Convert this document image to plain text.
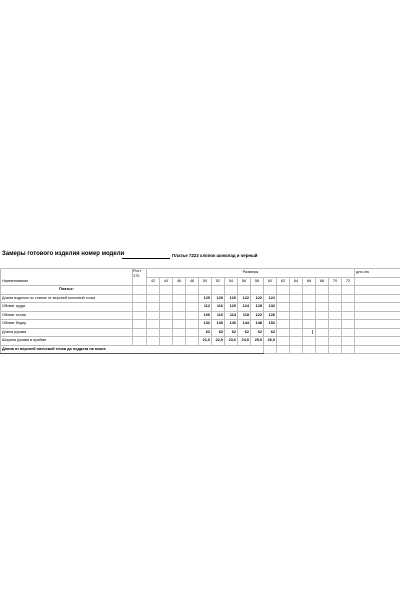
Замеры готового изделия номер модели	Платье 7223 хлопок шоколад и черный
Наименование	Рост
170	Размеры																для отк
		42	44	46	48	50	52	54	56	58	60	62	64	66	68	70	72	
Платье:																		
Длина изделия по спинке от верхней плечевой точки						120	120	120	122	122	122							
Обхват груди						112	116	120	124	128	132							
Обхват талии						106	110	114	118	122	126							
Обхват бедер						132	136	140	144	148	152							
Длина рукава						62	62	62	62	62	62							
Ширина рукава в пройме						21,0	22,0	23,0	24,0	25,0	26,0							
Длина от верхней плечевой точки до подреза на поясе																		
